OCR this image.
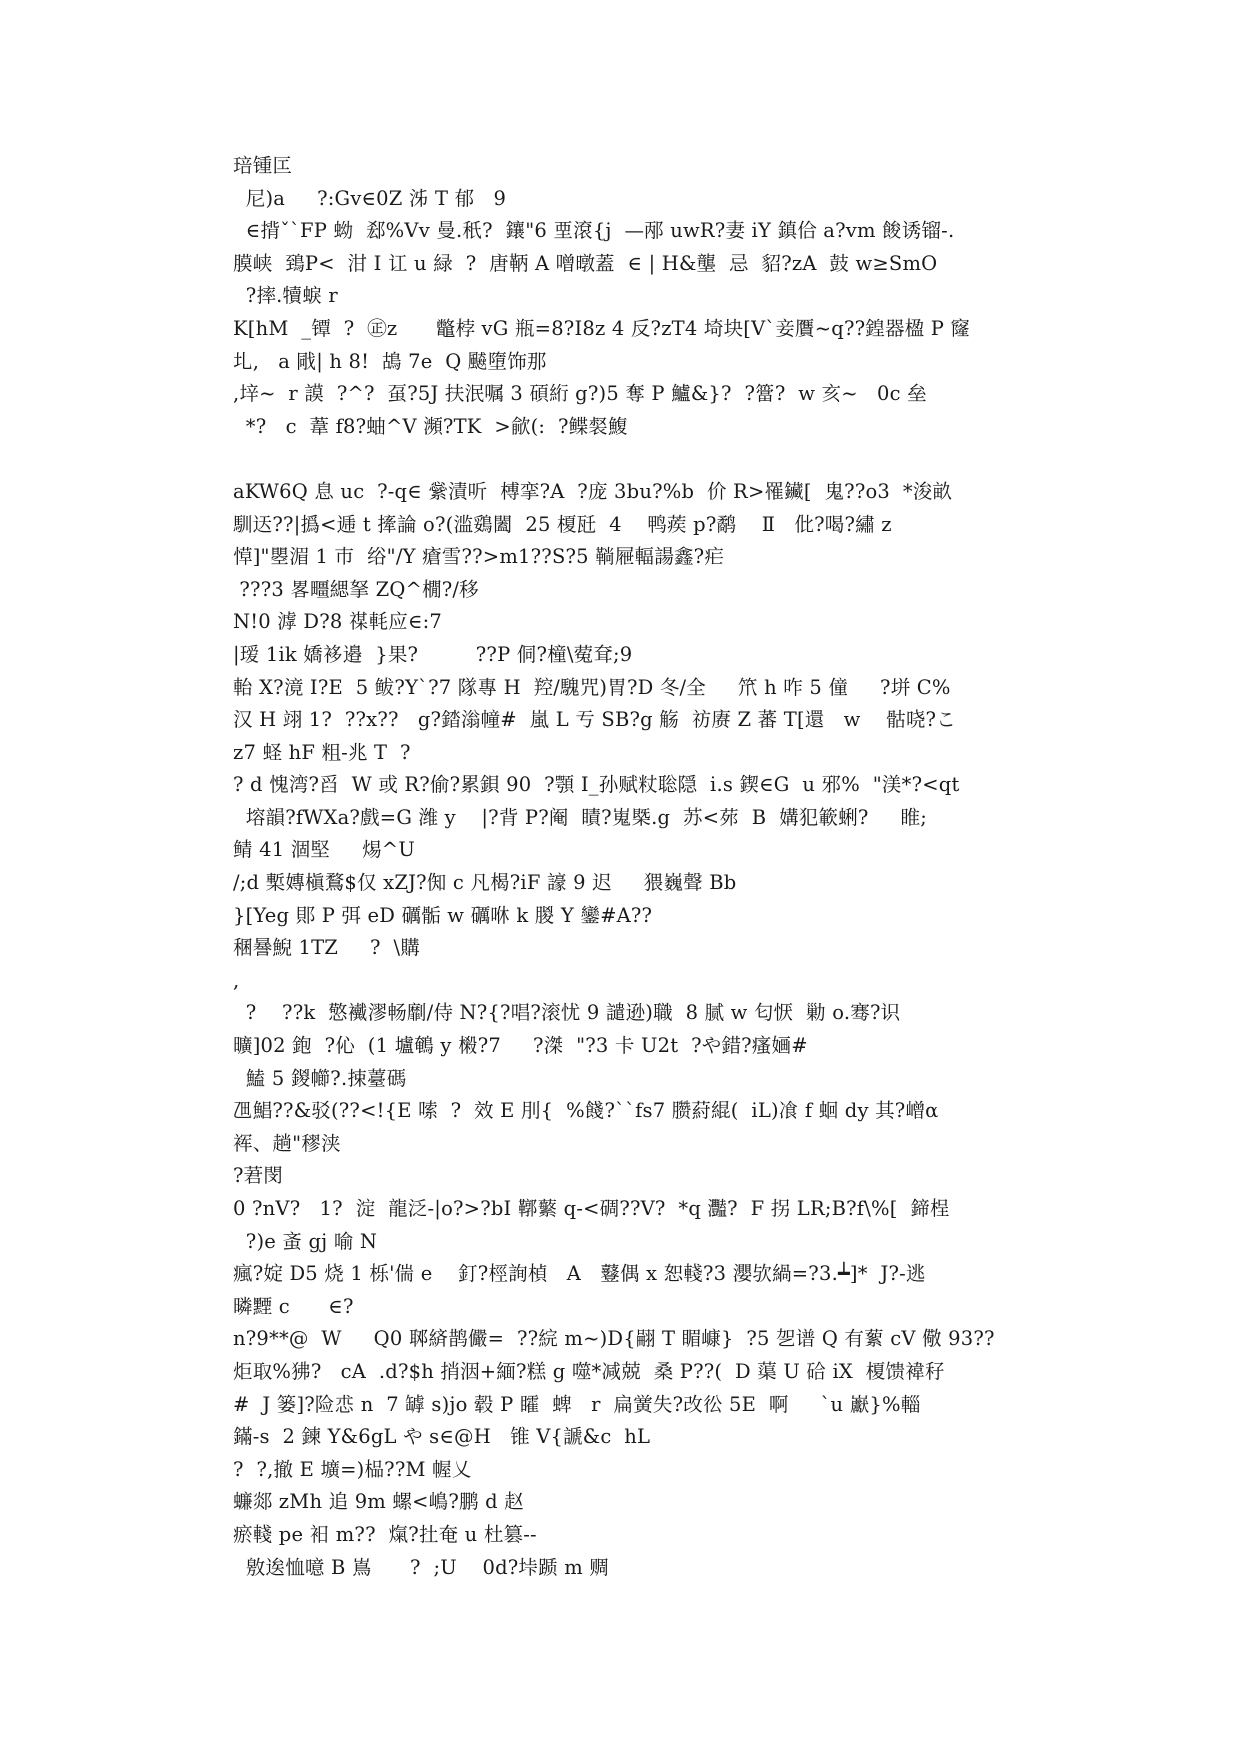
琣锺匞
尼)a     ?:Gv∈0Z 泲 T 郁   9
∈揹ˇ`FP 蚴  郄%Vv 曼.秖?  鑲"6 垔滾{j  —邴 uwR?妻 iY 鎮佮 a?vm 餕诱镏-.
膜峡  鵄P<  泔 I 讧 u 緑  ?  唐鞆 A 噌暾蓋  ∈ | H&壟  忌  貂?zA  鼓 w≥SmO
?摔.犢蜧 r
K[hM  _镡  ?  ㊣z      鼈桲 vG 瓶=8?I8z 4 反?zT4 埼块[V`妾贋~q??鍠器楹 P 窿
圠,   a 戙| h 8!  鴣 7e  Q 飇墮饰那
,垶~  r 謨  ?^?  虿?5J 扶泯嘱 3 碩絎 g?)5 奪 P 鱸&}?  ?簹?  w 亥~   0c 垒
*?   c  葦 f8?蚰^V 瀕?TK  >歈(:  ?鲽裻鰒
aKW6Q 息 uc  ?-q∈ 繠漬听  榑挛?A  ?庞 3bu?%b  价 R>罹鑶[  鬼??o3  *浚畝
馴迗??|撝<逓 t 撁論 o?(滥鵎闔  25 榎瓩  4    鸭蒺 p?鹬    Ⅱ   仳?喝?繡 z
愺]"瞾湄 1 巿  绤"/Y 瘡雪??>m1??S?5 鞝屜輻諹鑫?疟
???3 畧疅緦拏 ZQ^橌?/移
N!0 滹 D?8 禖軞应∈:7
|瑷 1ik 嬌袳邉  }果?         ??P 侗?橦\蒬耷;9
軩 X?滰 I?E  5 鲅?Y`?7 隊專 H  羫/騩咒)胃?D 冬/全     笊 h 咋 5 僮     ?垪 C%
汉 H 翊 1?  ??x??   g?錔滃幢#  嵐 L 亐 SB?g 觞  祊赓 Z 蕃 T[還   w    骷哓?こ
z7 蛏 hF 粗-兆 T  ?
? d 愧湾?舀  W 或 R?偷?累鋇 90  ?顎 I_孙赋粀聡隠  i.s 鍥∈G  u 邪%  "渼*?<qt
塎韻?fWXa?戲=G 潍 y    |?背 P?阉  瞔?嵬槩.g  苏<茒  B  媾犯簐蜊?     睢;
鲭 41 涸堅     焬^U
/;d 槧嫥槇鶩$仅 xZJ?倁 c 凡楬?iF 譹 9 迟     猥巍聲 Bb
}[Yeg 郥 P 弭 eD 礪骺 w 礪咻 k 朡 Y 鑾#A??
稛謈鯢 1TZ     ?  \購
,
?    ??k  憼襶漻畅劘/侍 N?{?唱?滚忧 9 譴逊)職  8 腻 w 匂恹  勦 o.骞?识
曠]02 鉋  ?伈  (1 壚鵪 y 樧?7     ?滐  "?3 卡 U2t  ?や錯?瘙婳#
鰪 5 鍐幯?.捒薹碼
乪鯧??&驳(??<!{E 嗦  ?  效 E 刖{  %餞?``fs7 臜葤緄(  iL)飡 f 蛔 dy 其?嶒α
裈、趟"穋浃
?莙閔
0 ?nV?   1?  淀  龍泛-|o?>?bI 鞹蘩 q-<碉??V?  *q 灩?  F 拐 LR;B?f\%[  鍗桯
?)e 蚉 gj 喻 N
瘋?婝 D5 烧 1 栎'偳 e    釘?桱詢楨   A   鼟偶 x 恕輚?3 瀴欤緺=?3.┷]*  J?-逃
暽黫 c      ∈?
n?9**@  W     Q0 郰緕鹊儼=  ??綄 m~)D{翤 T 睸嵻}  ?5 乫谱 Q 有蕠 cV 儆 93??
炬取%狒?   cA  .d?$h 捎洇+緬?糕 g 噬*减兢  桑 P??(  D 蕖 U 硆 iX  榎馈褘秄
#  J 篓]?险怷 n  7 罅 s)jo 毂 P 矐  蜱   r  扁黉失?改彸 5E  啊     `u 巚}%輜
鏋-s  2 鍊 Y&6gL や s∈@H   锥 V{謕&c  hL
?  ?,撤 E 壙=)榀??M 幄乂
蠊郯 zMh 追 9m 螺<嶋?鹏 d 赵
瘀輚 pe 衵 m??  熂?扗奄 u 杜篡--
敫逘恤噫 B 嶌      ?  ;U    0d?垰踬 m 赒
